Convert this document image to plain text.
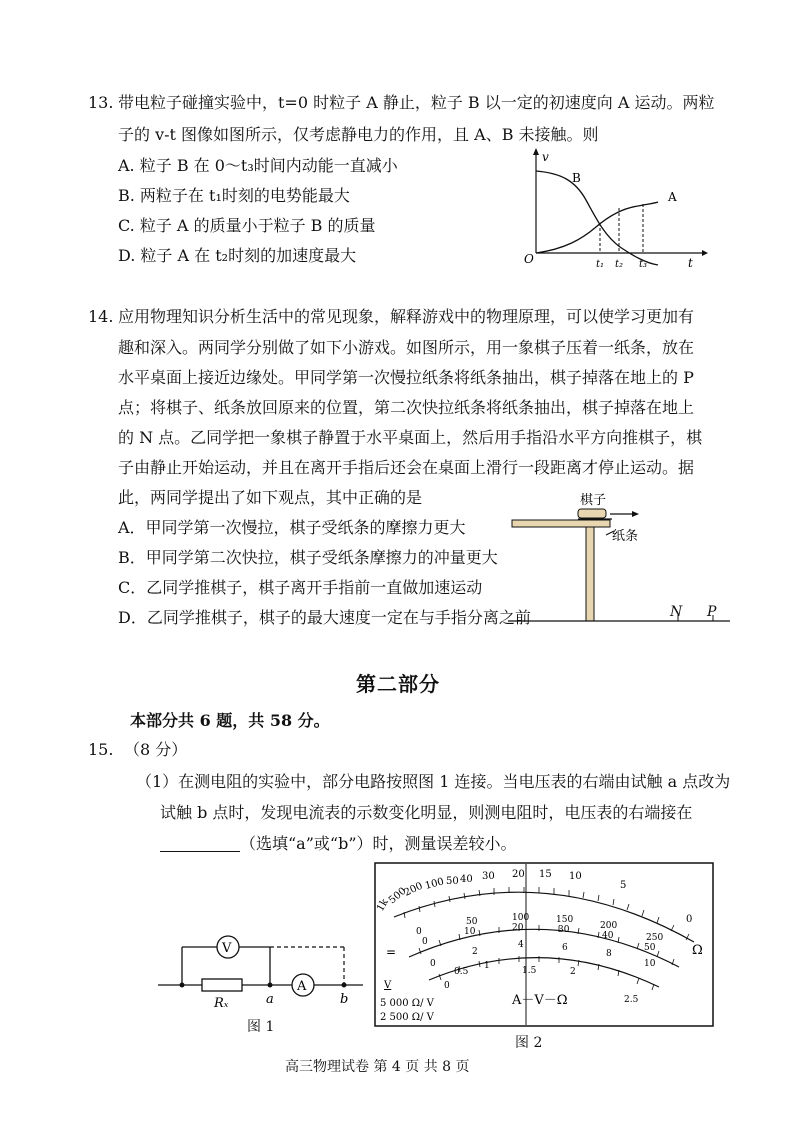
13. 带电粒子碰撞实验中，t=0 时粒子 A 静止，粒子 B 以一定的初速度向 A 运动。两粒
子的 v-t 图像如图所示，仅考虑静电力的作用，且 A、B 未接触。则
A. 粒子 B 在 0～t₃时间内动能一直减小
B. 两粒子在 t₁时刻的电势能最大
C. 粒子 A 的质量小于粒子 B 的质量
D. 粒子 A 在 t₂时刻的加速度最大
v
t
O
B
A
t₁ t₂ t₃
14. 应用物理知识分析生活中的常见现象，解释游戏中的物理原理，可以使学习更加有
趣和深入。两同学分别做了如下小游戏。如图所示，用一象棋子压着一纸条，放在
水平桌面上接近边缘处。甲同学第一次慢拉纸条将纸条抽出，棋子掉落在地上的 P
点；将棋子、纸条放回原来的位置，第二次快拉纸条将纸条抽出，棋子掉落在地上
的 N 点。乙同学把一象棋子静置于水平桌面上，然后用手指沿水平方向推棋子，棋
子由静止开始运动，并且在离开手指后还会在桌面上滑行一段距离才停止运动。据
此，两同学提出了如下观点，其中正确的是
A．甲同学第一次慢拉，棋子受纸条的摩擦力更大
B．甲同学第二次快拉，棋子受纸条摩擦力的冲量更大
C．乙同学推棋子，棋子离开手指前一直做加速运动
D．乙同学推棋子，棋子的最大速度一定在与手指分离之前
棋子
纸条
N P
第二部分
本部分共 6 题，共 58 分。
15. （8 分）
（1）在测电阻的实验中，部分电路按照图 1 连接。当电压表的右端由试触 a 点改为
试触 b 点时，发现电流表的示数变化明显，则测电阻时，电压表的右端接在
（选填“a”或“b”）时，测量误差较小。
V
A
Rₓ	a	b
图 1
1k
500
200 100 50 40 30 20 15 10
5
0
Ω
0
50	100	150
200
250
0
10	20	30
40
50
0
2
4	6
8
10
0
0.5
1	1.5	2
2.5
=
V
A－V－Ω
5 000 Ω/ V
2 500 Ω/ V
图 2
高三物理试卷 第 4 页 共 8 页
